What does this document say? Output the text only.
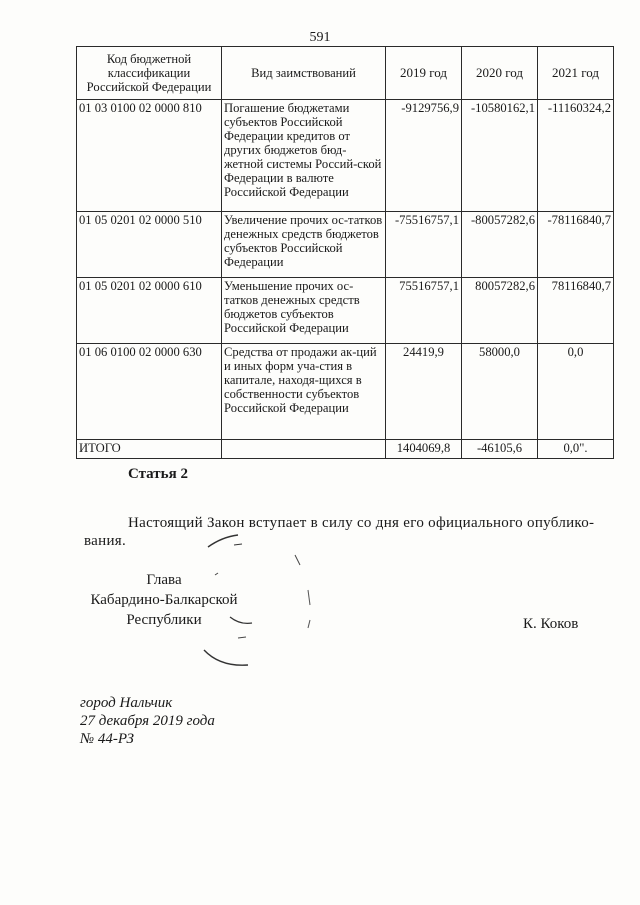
591
Код бюджетной классификации Российской Федерации	Вид заимствований	2019 год	2020 год	2021 год
01 03 0100 02 0000 810	Погашение бюджетами субъектов Российской Федерации кредитов от других бюджетов бюд-жетной системы Россий-ской Федерации в валюте Российской Федерации	-9129756,9	-10580162,1	-11160324,2
01 05 0201 02 0000 510	Увеличение прочих ос-татков денежных средств бюджетов субъектов Российской Федерации	-75516757,1	-80057282,6	-78116840,7
01 05 0201 02 0000 610	Уменьшение прочих ос-татков денежных средств бюджетов субъектов Российской Федерации	75516757,1	80057282,6	78116840,7
01 06 0100 02 0000 630	Средства от продажи ак-ций и иных форм уча-стия в капитале, находя-щихся в собственности субъектов Российской Федерации	24419,9	58000,0	0,0
ИТОГО		1404069,8	-46105,6	0,0".
Статья 2
Настоящий Закон вступает в силу со дня его официального опублико-вания.
Глава
Кабардино-Балкарской
Республики	К. Коков
город Нальчик
27 декабря 2019 года
№ 44-РЗ
